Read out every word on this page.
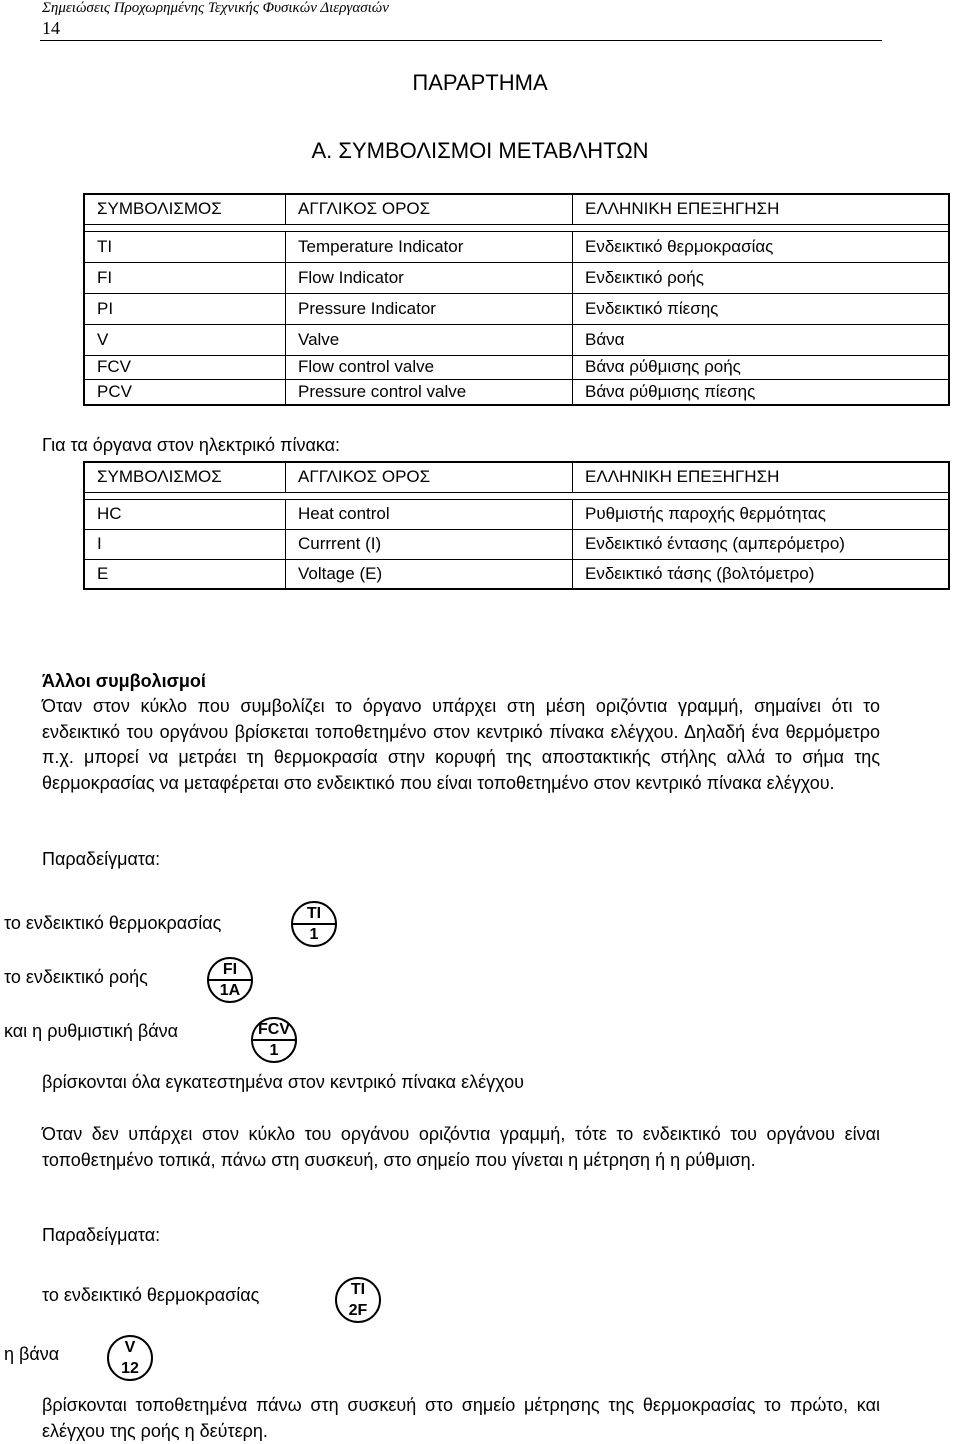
Σημειώσεις Προχωρημένης Τεχνικής Φυσικών Διεργασιών
14
ΠΑΡΑΡΤΗΜΑ
Α. ΣΥΜΒΟΛΙΣΜΟΙ ΜΕΤΑΒΛΗΤΩΝ
ΣΥΜΒΟΛΙΣΜΟΣ	ΑΓΓΛΙΚΟΣ ΟΡΟΣ	ΕΛΛΗΝΙΚΗ ΕΠΕΞΗΓΗΣΗ

TI	Temperature Indicator	Ενδεικτικό θερμοκρασίας
FI	Flow Indicator	Ενδεικτικό ροής
PI	Pressure Indicator	Ενδεικτικό πίεσης
V	Valve	Βάνα
FCV	Flow control valve	Βάνα ρύθμισης ροής
PCV	Pressure control valve	Βάνα ρύθμισης πίεσης
Για τα όργανα στον ηλεκτρικό πίνακα:
ΣΥΜΒΟΛΙΣΜΟΣ	ΑΓΓΛΙΚΟΣ ΟΡΟΣ	ΕΛΛΗΝΙΚΗ ΕΠΕΞΗΓΗΣΗ

HC	Heat control	Ρυθμιστής παροχής θερμότητας
I	Currrent (I)	Ενδεικτικό έντασης (αμπερόμετρο)
E	Voltage (E)	Ενδεικτικό τάσης (βολτόμετρο)
Άλλοι συμβολισμοί
Όταν στον κύκλο που συμβολίζει το όργανο υπάρχει στη μέση οριζόντια γραμμή, σημαίνει ότι το ενδεικτικό του οργάνου βρίσκεται τοποθετημένο στον κεντρικό πίνακα ελέγχου. Δηλαδή ένα θερμόμετρο π.χ. μπορεί να μετράει τη θερμοκρασία στην κορυφή της αποστακτικής στήλης αλλά το σήμα της θερμοκρασίας να μεταφέρεται στο ενδεικτικό που είναι τοποθετημένο στον κεντρικό πίνακα ελέγχου.
Παραδείγματα:
το ενδεικτικό θερμοκρασίας	TI
1
το ενδεικτικό ροής	FI
1A
και η ρυθμιστική βάνα	FCV
1
βρίσκονται όλα εγκατεστημένα στον κεντρικό πίνακα ελέγχου
Όταν δεν υπάρχει στον κύκλο του οργάνου οριζόντια γραμμή, τότε το ενδεικτικό του οργάνου είναι τοποθετημένο τοπικά, πάνω στη συσκευή, στο σημείο που γίνεται η μέτρηση ή η ρύθμιση.
Παραδείγματα:
το ενδεικτικό θερμοκρασίας	TI
2F
η βάνα	V
12
βρίσκονται τοποθετημένα πάνω στη συσκευή στο σημείο μέτρησης της θερμοκρασίας το πρώτο, και ελέγχου της ροής η δεύτερη.
